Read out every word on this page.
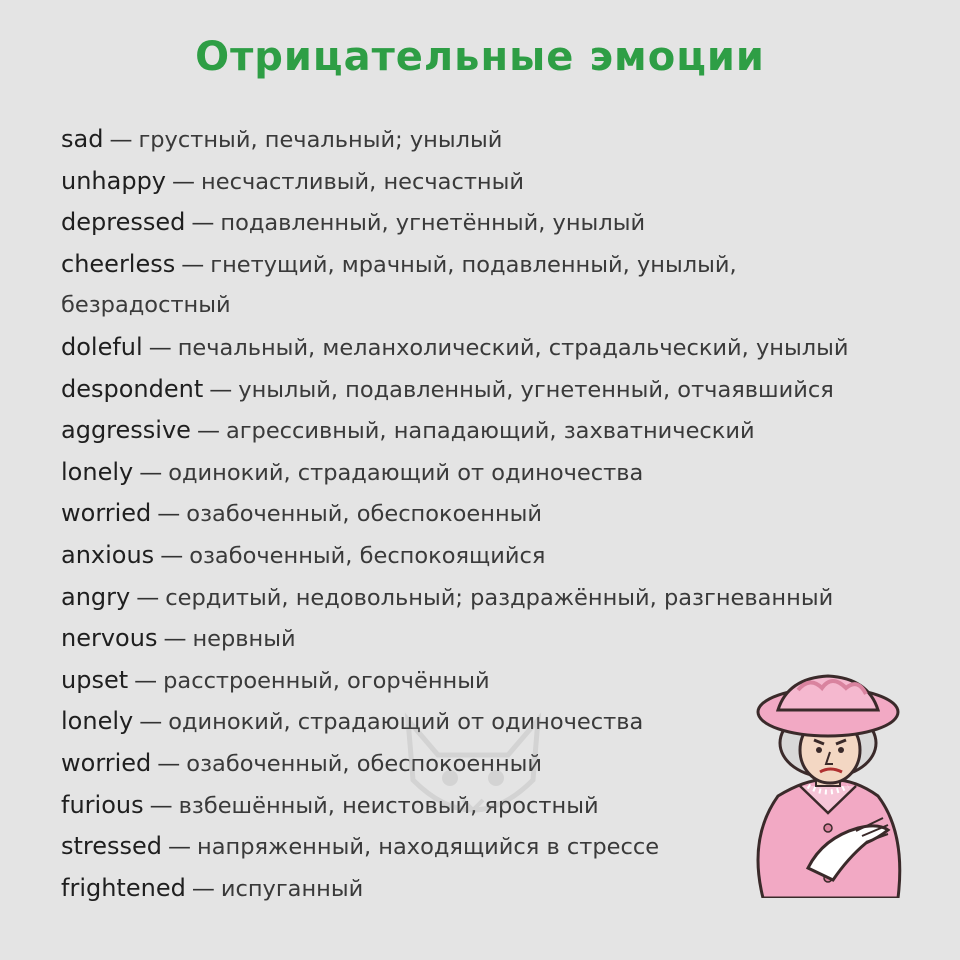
Отрицательные эмоции
sad — грустный, печальный; унылый
unhappy — несчастливый, несчастный
depressed — подавленный, угнетённый, унылый
cheerless — гнетущий, мрачный, подавленный, унылый,
безрадостный
doleful — печальный, меланхолический, страдальческий, унылый
despondent — унылый, подавленный, угнетенный, отчаявшийся
aggressive — агрессивный, нападающий, захватнический
lonely — одинокий, страдающий от одиночества
worried — озабоченный, обеспокоенный
anxious — озабоченный, беспокоящийся
angry — сердитый, недовольный; раздражённый, разгневанный
nervous — нервный
upset — расстроенный, огорчённый
lonely — одинокий, страдающий от одиночества
worried — озабоченный, обеспокоенный
furious — взбешённый, неистовый, яростный
stressed — напряженный, находящийся в стрессе
frightened — испуганный
